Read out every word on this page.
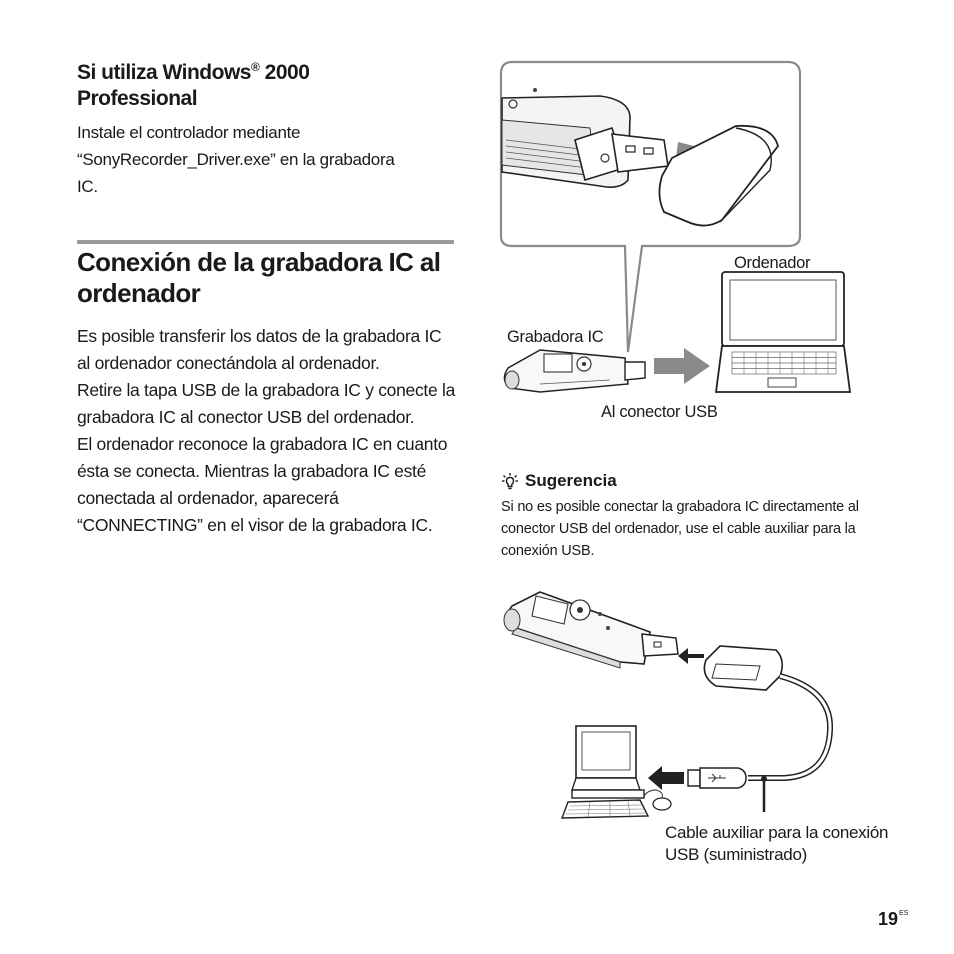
Si utiliza Windows® 2000
Professional

Instale el controlador mediante “SonyRecorder_Driver.exe” en la grabadora IC.

Conexión de la grabadora IC al ordenador
Es posible transferir los datos de la grabadora IC al ordenador conectándola al ordenador.
Retire la tapa USB de la grabadora IC y conecte la grabadora IC al conector USB del ordenador.
El ordenador reconoce la grabadora IC en cuanto ésta se conecta. Mientras la grabadora IC esté conectada al ordenador, aparecerá “CONNECTING” en el visor de la grabadora IC.
Ordenador
Grabadora IC
Al conector USB
Sugerencia

Si no es posible conectar la grabadora IC directamente al conector USB del ordenador, use el cable auxiliar para la conexión USB.

Cable auxiliar para la conexión USB (suministrado)

$19^{ES}$
